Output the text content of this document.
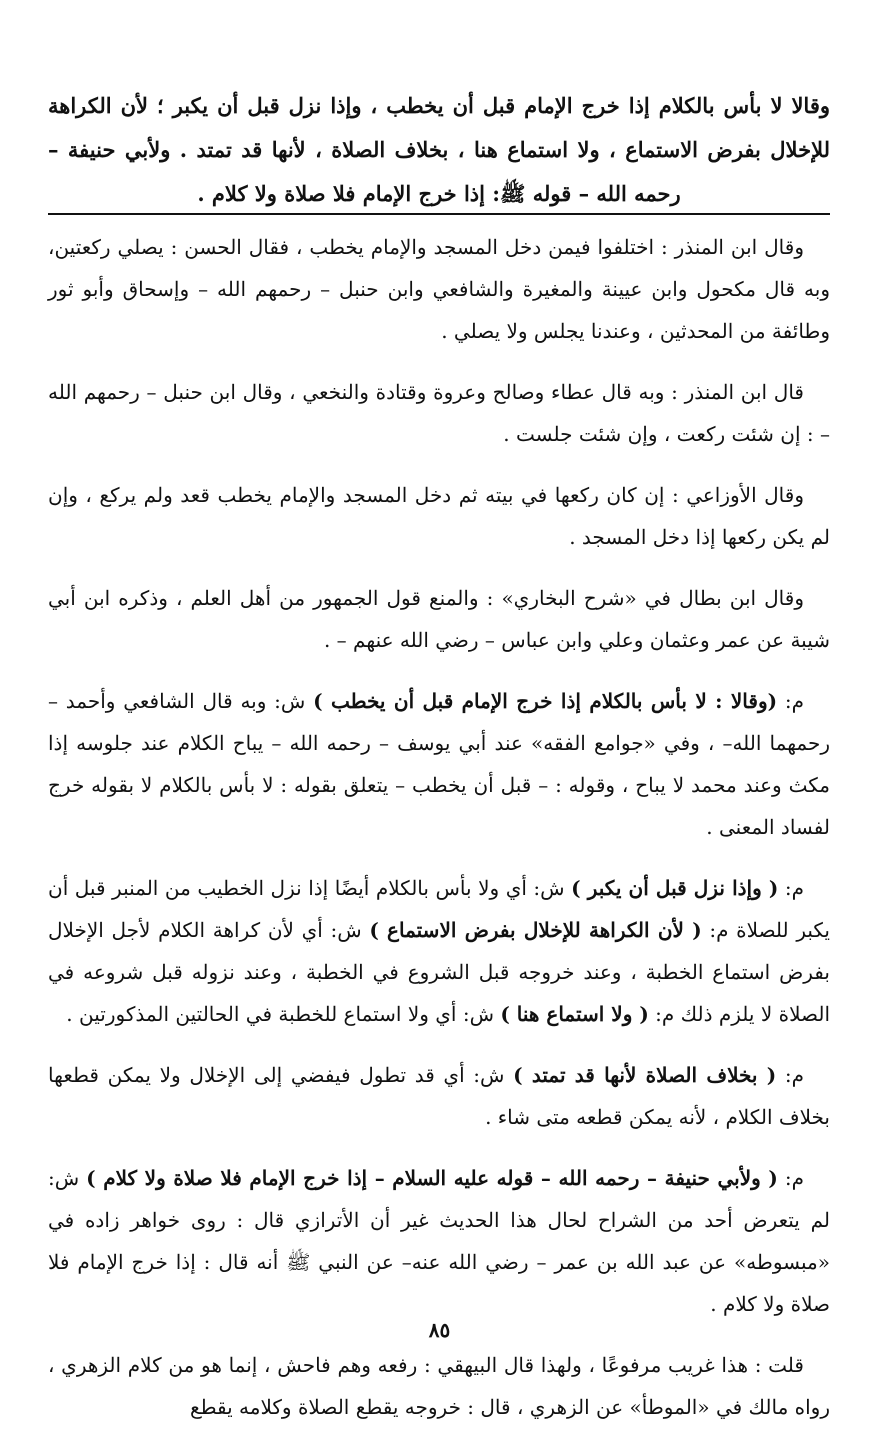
وقالا لا بأس بالكلام إذا خرج الإمام قبل أن يخطب ، وإذا نزل قبل أن يكبر ؛ لأن الكراهة للإخلال بفرض الاستماع ، ولا استماع هنا ، بخلاف الصلاة ، لأنها قد تمتد . ولأبي حنيفة – رحمه الله – قوله ﷺ: إذا خرج الإمام فلا صلاة ولا كلام .

وقال ابن المنذر : اختلفوا فيمن دخل المسجد والإمام يخطب ، فقال الحسن : يصلي ركعتين، وبه قال مكحول وابن عيينة والمغيرة والشافعي وابن حنبل – رحمهم الله – وإسحاق وأبو ثور وطائفة من المحدثين ، وعندنا يجلس ولا يصلي .

قال ابن المنذر : وبه قال عطاء وصالح وعروة وقتادة والنخعي ، وقال ابن حنبل – رحمهم الله – : إن شئت ركعت ، وإن شئت جلست .

وقال الأوزاعي : إن كان ركعها في بيته ثم دخل المسجد والإمام يخطب قعد ولم يركع ، وإن لم يكن ركعها إذا دخل المسجد .

وقال ابن بطال في «شرح البخاري» : والمنع قول الجمهور من أهل العلم ، وذكره ابن أبي شيبة عن عمر وعثمان وعلي وابن عباس – رضي الله عنهم – .

م: (وقالا : لا بأس بالكلام إذا خرج الإمام قبل أن يخطب ) ش: وبه قال الشافعي وأحمد – رحمهما الله– ، وفي «جوامع الفقه» عند أبي يوسف – رحمه الله – يباح الكلام عند جلوسه إذا مكث وعند محمد لا يباح ، وقوله : – قبل أن يخطب – يتعلق بقوله : لا بأس بالكلام لا بقوله خرج لفساد المعنى .

م: ( وإذا نزل قبل أن يكبر ) ش: أي ولا بأس بالكلام أيضًا إذا نزل الخطيب من المنبر قبل أن يكبر للصلاة م: ( لأن الكراهة للإخلال بفرض الاستماع ) ش: أي لأن كراهة الكلام لأجل الإخلال بفرض استماع الخطبة ، وعند خروجه قبل الشروع في الخطبة ، وعند نزوله قبل شروعه في الصلاة لا يلزم ذلك م: ( ولا استماع هنا ) ش: أي ولا استماع للخطبة في الحالتين المذكورتين .

م: ( بخلاف الصلاة لأنها قد تمتد ) ش: أي قد تطول فيفضي إلى الإخلال ولا يمكن قطعها بخلاف الكلام ، لأنه يمكن قطعه متى شاء .

م: ( ولأبي حنيفة – رحمه الله – قوله عليه السلام – إذا خرج الإمام فلا صلاة ولا كلام ) ش: لم يتعرض أحد من الشراح لحال هذا الحديث غير أن الأترازي قال : روى خواهر زاده في «مبسوطه» عن عبد الله بن عمر – رضي الله عنه– عن النبي ﷺ أنه قال : إذا خرج الإمام فلا صلاة ولا كلام .

قلت : هذا غريب مرفوعًا ، ولهذا قال البيهقي : رفعه وهم فاحش ، إنما هو من كلام الزهري ، رواه مالك في «الموطأ» عن الزهري ، قال : خروجه يقطع الصلاة وكلامه يقطع

٨٥
